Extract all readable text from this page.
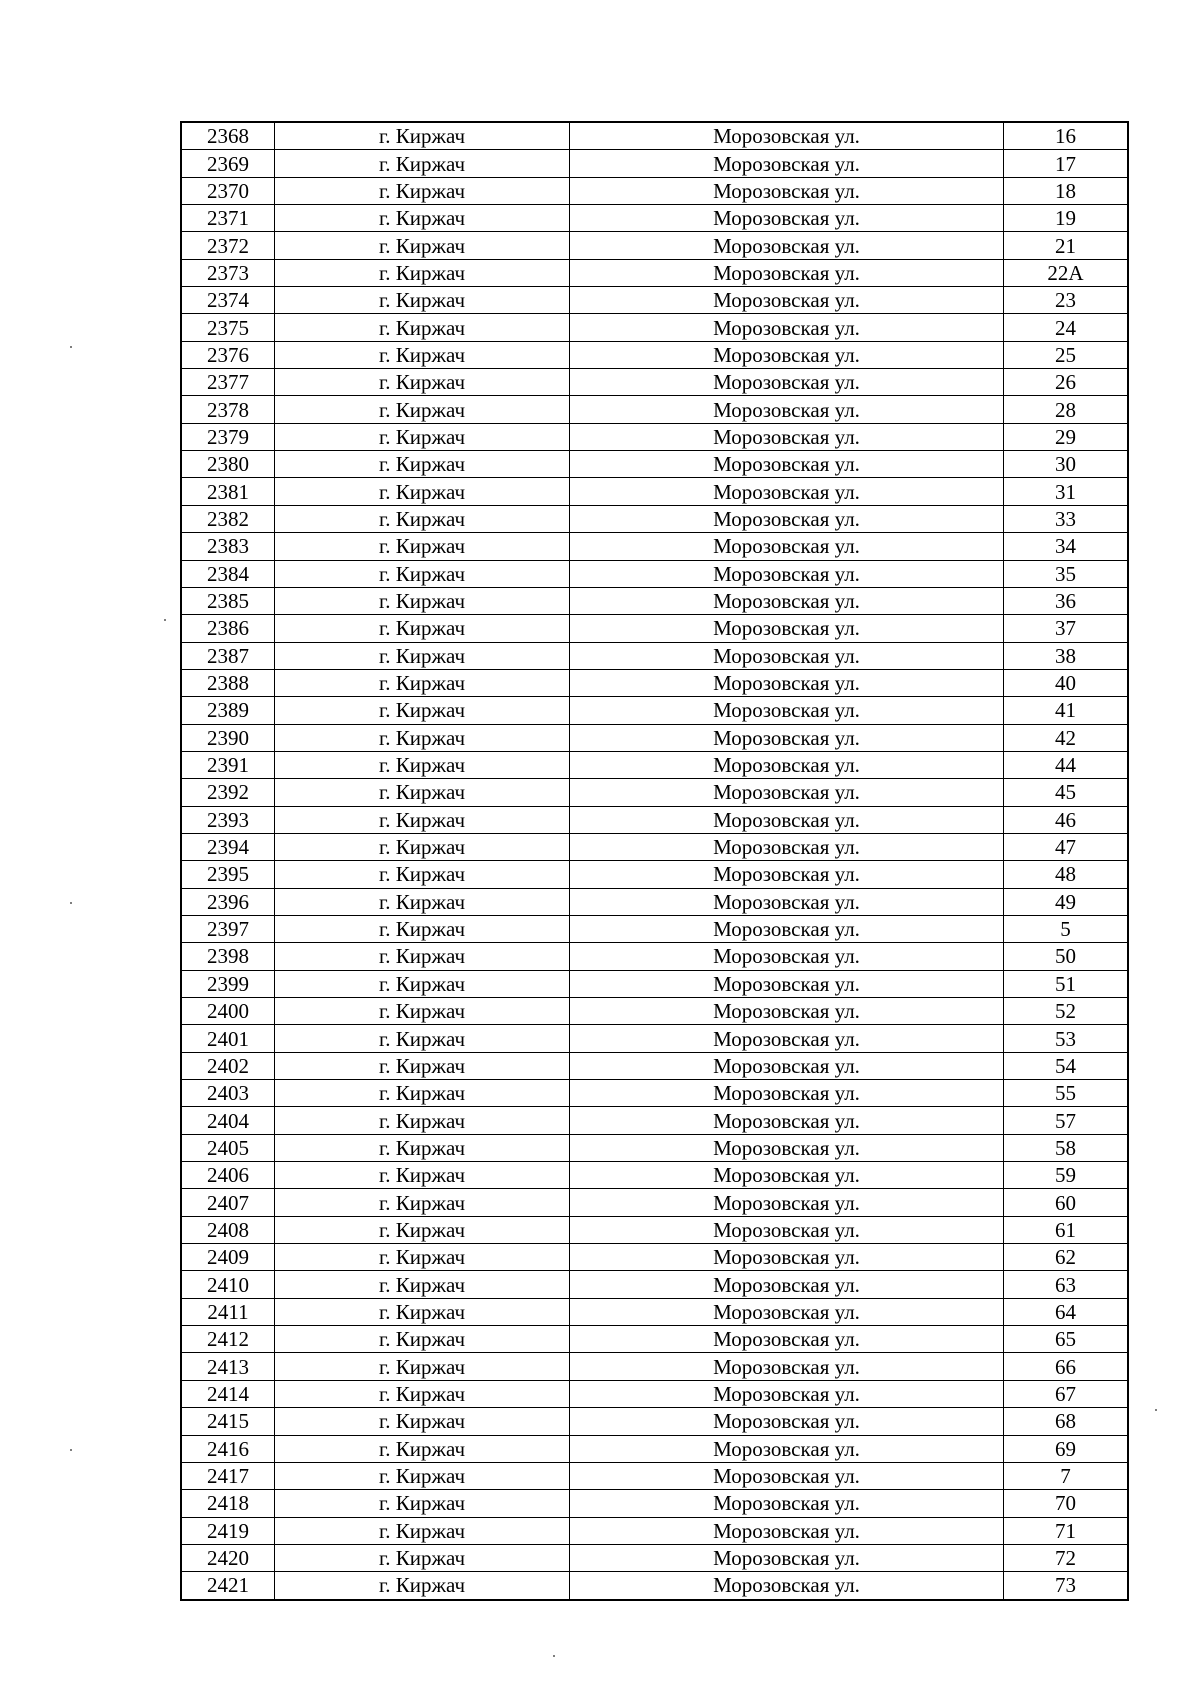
2368	г. Киржач	Морозовская ул.	16
2369	г. Киржач	Морозовская ул.	17
2370	г. Киржач	Морозовская ул.	18
2371	г. Киржач	Морозовская ул.	19
2372	г. Киржач	Морозовская ул.	21
2373	г. Киржач	Морозовская ул.	22А
2374	г. Киржач	Морозовская ул.	23
2375	г. Киржач	Морозовская ул.	24
2376	г. Киржач	Морозовская ул.	25
2377	г. Киржач	Морозовская ул.	26
2378	г. Киржач	Морозовская ул.	28
2379	г. Киржач	Морозовская ул.	29
2380	г. Киржач	Морозовская ул.	30
2381	г. Киржач	Морозовская ул.	31
2382	г. Киржач	Морозовская ул.	33
2383	г. Киржач	Морозовская ул.	34
2384	г. Киржач	Морозовская ул.	35
2385	г. Киржач	Морозовская ул.	36
2386	г. Киржач	Морозовская ул.	37
2387	г. Киржач	Морозовская ул.	38
2388	г. Киржач	Морозовская ул.	40
2389	г. Киржач	Морозовская ул.	41
2390	г. Киржач	Морозовская ул.	42
2391	г. Киржач	Морозовская ул.	44
2392	г. Киржач	Морозовская ул.	45
2393	г. Киржач	Морозовская ул.	46
2394	г. Киржач	Морозовская ул.	47
2395	г. Киржач	Морозовская ул.	48
2396	г. Киржач	Морозовская ул.	49
2397	г. Киржач	Морозовская ул.	5
2398	г. Киржач	Морозовская ул.	50
2399	г. Киржач	Морозовская ул.	51
2400	г. Киржач	Морозовская ул.	52
2401	г. Киржач	Морозовская ул.	53
2402	г. Киржач	Морозовская ул.	54
2403	г. Киржач	Морозовская ул.	55
2404	г. Киржач	Морозовская ул.	57
2405	г. Киржач	Морозовская ул.	58
2406	г. Киржач	Морозовская ул.	59
2407	г. Киржач	Морозовская ул.	60
2408	г. Киржач	Морозовская ул.	61
2409	г. Киржач	Морозовская ул.	62
2410	г. Киржач	Морозовская ул.	63
2411	г. Киржач	Морозовская ул.	64
2412	г. Киржач	Морозовская ул.	65
2413	г. Киржач	Морозовская ул.	66
2414	г. Киржач	Морозовская ул.	67
2415	г. Киржач	Морозовская ул.	68
2416	г. Киржач	Морозовская ул.	69
2417	г. Киржач	Морозовская ул.	7
2418	г. Киржач	Морозовская ул.	70
2419	г. Киржач	Морозовская ул.	71
2420	г. Киржач	Морозовская ул.	72
2421	г. Киржач	Морозовская ул.	73
